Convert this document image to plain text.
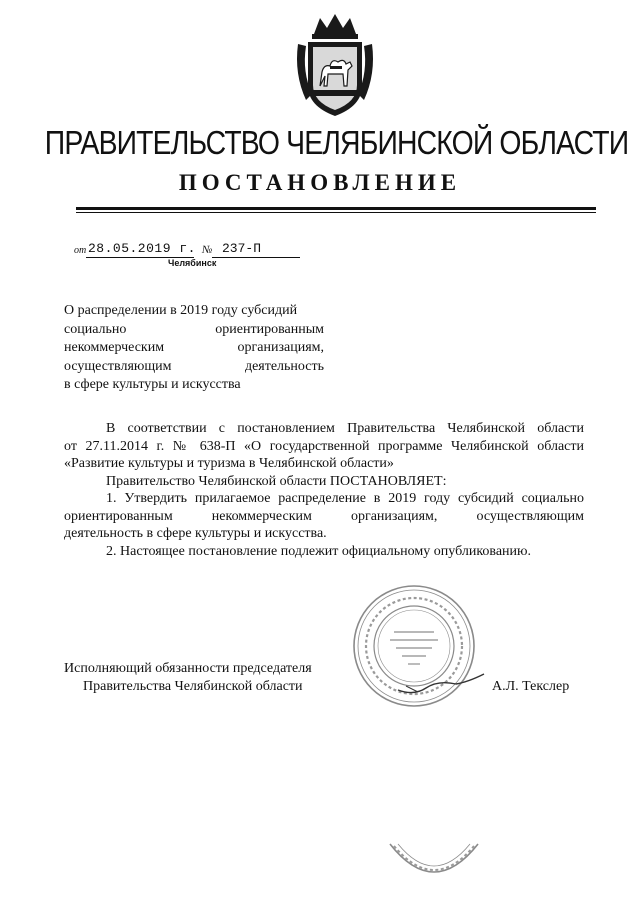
ПРАВИТЕЛЬСТВО ЧЕЛЯБИНСКОЙ ОБЛАСТИ
ПОСТАНОВЛЕНИЕ
от 28.05.2019 г. № 237-П
Челябинск
О распределении в 2019 году субсидий
социально ориентированным
некоммерческим организациям,
осуществляющим деятельность
в сфере культуры и искусства
В соответствии с постановлением Правительства Челябинской области
от 27.11.2014 г. № 638-П «О государственной программе Челябинской области
«Развитие культуры и туризма в Челябинской области»
Правительство Челябинской области ПОСТАНОВЛЯЕТ:
1. Утвердить прилагаемое распределение в 2019 году субсидий социально
ориентированным некоммерческим организациям, осуществляющим
деятельность в сфере культуры и искусства.
2. Настоящее постановление подлежит официальному опубликованию.
Исполняющий обязанности председателя
Правительства Челябинской области	А.Л. Текслер
